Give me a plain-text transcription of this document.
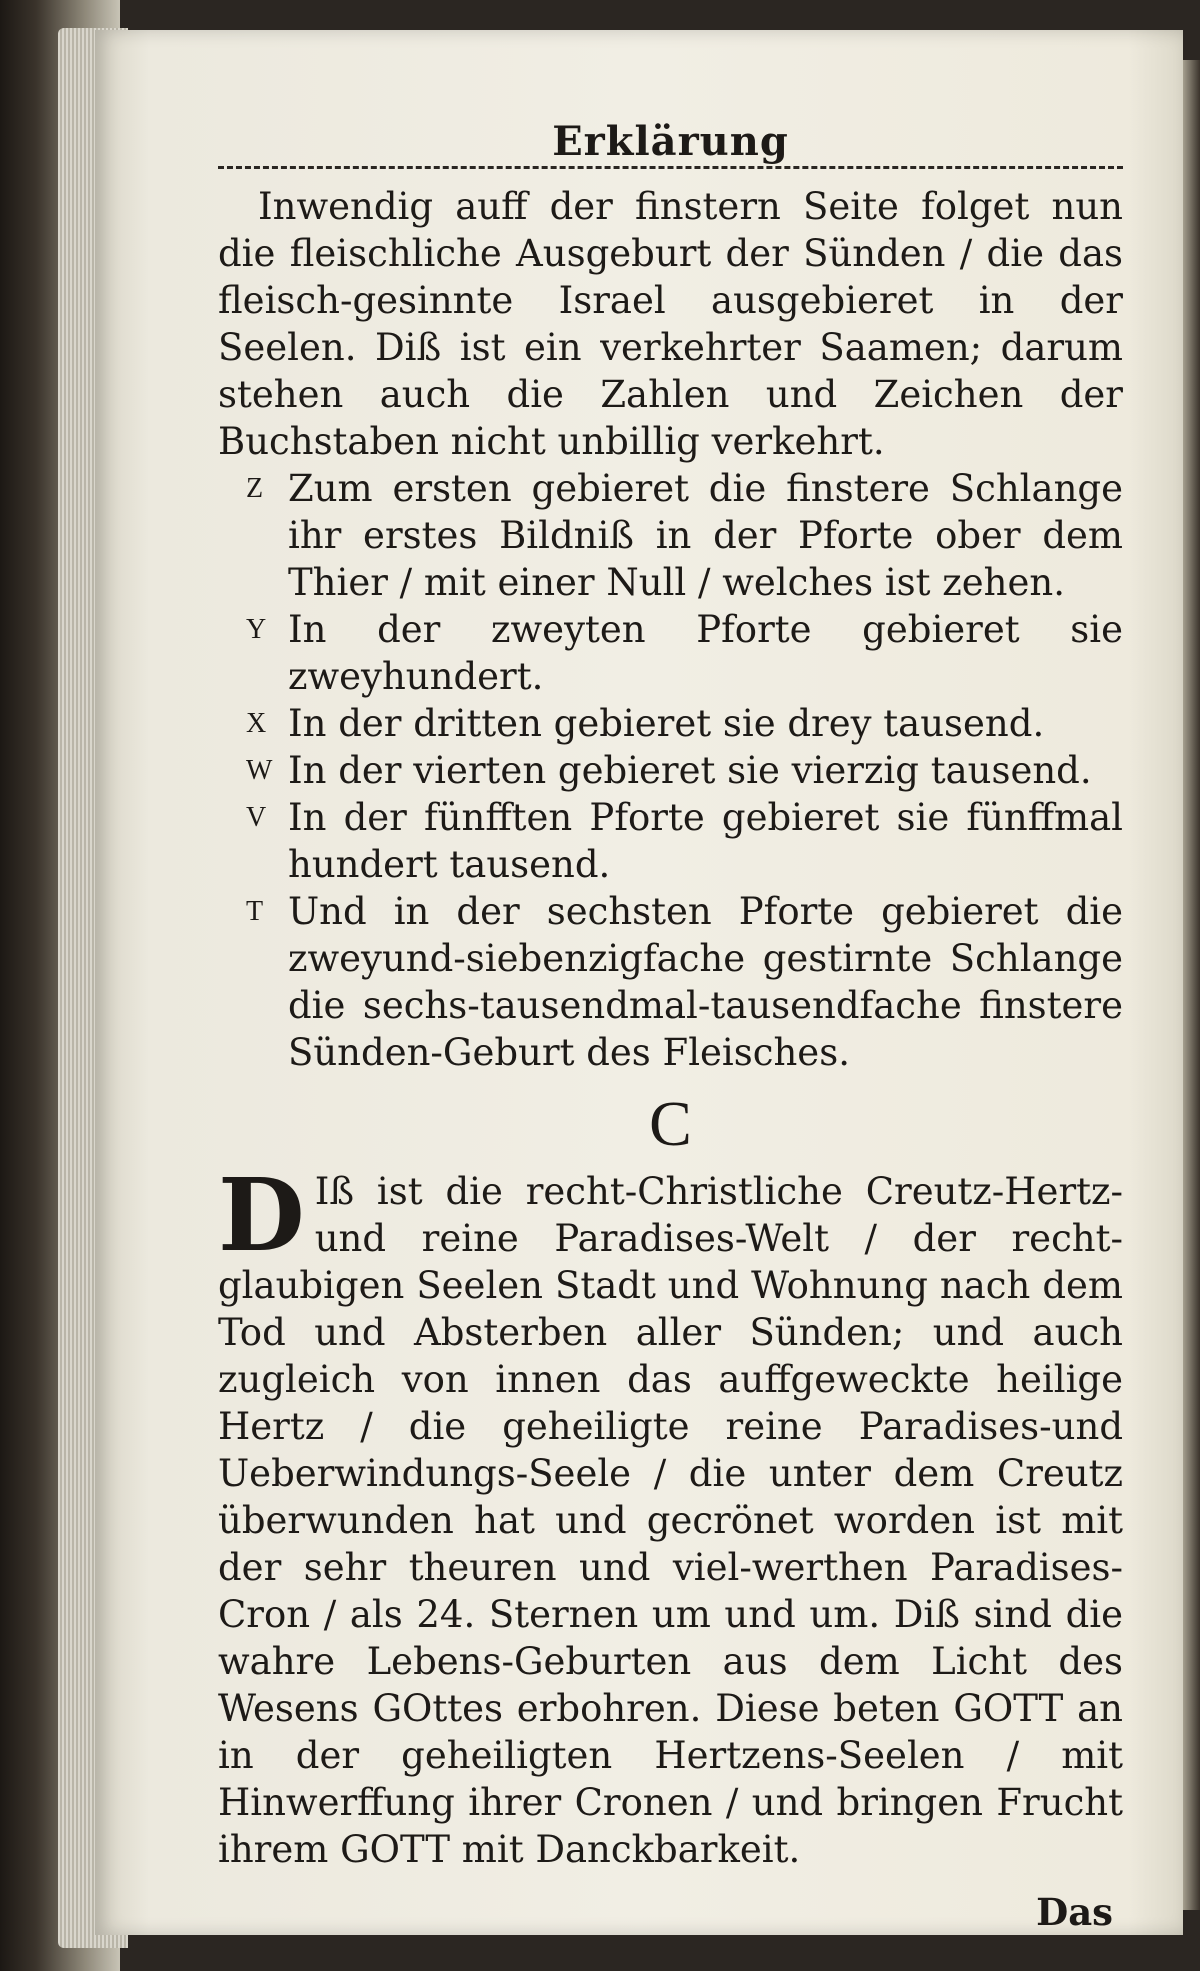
Erklärung

Inwendig auff der finstern Seite folget nun die fleischliche Ausgeburt der Sünden / die das fleisch-gesinnte Israel ausgebieret in der Seelen. Diß ist ein verkehrter Saamen; darum stehen auch die Zahlen und Zeichen der Buchstaben nicht unbillig verkehrt.

Z Zum ersten gebieret die finstere Schlange ihr erstes Bildniß in der Pforte ober dem Thier / mit einer Null / welches ist zehen.

Y In der zweyten Pforte gebieret sie zweyhundert.

X In der dritten gebieret sie drey tausend.

W In der vierten gebieret sie vierzig tausend.

V In der fünfften Pforte gebieret sie fünffmal hundert tausend.

T Und in der sechsten Pforte gebieret die zweyund-siebenzigfache gestirnte Schlange die sechs-tausendmal-tausendfache finstere Sünden-Geburt des Fleisches.

C

D Iß ist die recht-Christliche Creutz-Hertz-und reine Paradises-Welt / der recht-glaubigen Seelen Stadt und Wohnung nach dem Tod und Absterben aller Sünden; und auch zugleich von innen das auffgeweckte heilige Hertz / die geheiligte reine Paradises-und Ueberwindungs-Seele / die unter dem Creutz überwunden hat und gecrönet worden ist mit der sehr theuren und viel-werthen Paradises-Cron / als 24. Sternen um und um. Diß sind die wahre Lebens-Geburten aus dem Licht des Wesens GOttes erbohren. Diese beten GOTT an in der geheiligten Hertzens-Seelen / mit Hinwerffung ihrer Cronen / und bringen Frucht ihrem GOTT mit Danckbarkeit.

Das
